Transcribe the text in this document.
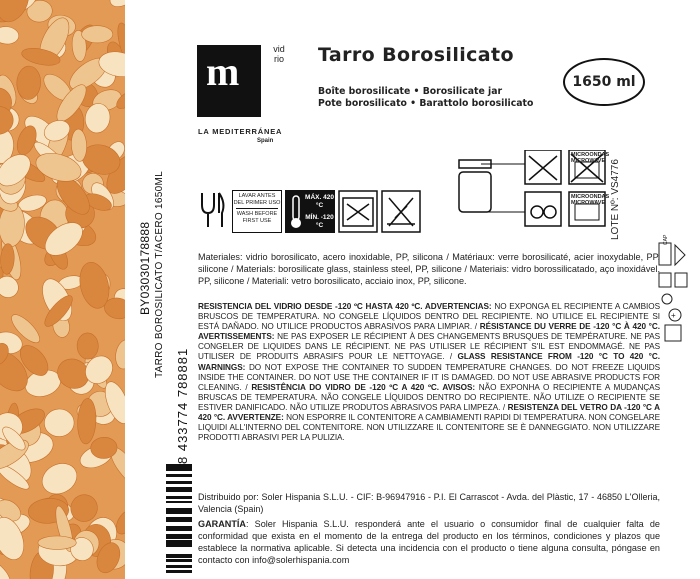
BY03030178888 TARRO BOROSILICATO T/ACERO 1650ML
8 433774 788881
m	vidrio
LA MEDITERRÁNEA
Spain
Tarro Borosilicato
Boîte borosilicate • Borosilicate jar
Pote borosilicato • Barattolo borosilicato
1650 ml
LAVAR ANTES DEL PRIMER USO
WASH BEFORE FIRST USE
MÁX. 420 °C
MÍN. -120 °C
MICROONDAS MICROWAVE
MICROONDAS MICROWAVE LOTE Nº: VS4776	CAP
+
Materiales: vidrio borosilicato, acero inoxidable, PP, silicona / Matériaux: verre borosilicaté, acier inoxydable, PP, silicone / Materials: borosilicate glass, stainless steel, PP, silicone / Materiais: vidro borossilicatado, aço inoxidável, PP, silicone / Materiali: vetro borosilicato, acciaio inox, PP, silicone.
RESISTENCIA DEL VIDRIO DESDE -120 ºC HASTA 420 ºC. ADVERTENCIAS: NO EXPONGA EL RECIPIENTE A CAMBIOS BRUSCOS DE TEMPERATURA. NO CONGELE LÍQUIDOS DENTRO DEL RECIPIENTE. NO UTILICE EL RECIPIENTE SI ESTÁ DAÑADO. NO UTILICE PRODUCTOS ABRASIVOS PARA LIMPIAR. / RÉSISTANCE DU VERRE DE -120 °C À 420 °C. AVERTISSEMENTS: NE PAS EXPOSER LE RÉCIPIENT À DES CHANGEMENTS BRUSQUES DE TEMPÉRATURE. NE PAS CONGELER DE LIQUIDES DANS LE RÉCIPIENT. NE PAS UTILISER LE RÉCIPIENT S'IL EST ENDOMMAGÉ. NE PAS UTILISER DE PRODUITS ABRASIFS POUR LE NETTOYAGE. / GLASS RESISTANCE FROM -120 °C TO 420 °C. WARNINGS: DO NOT EXPOSE THE CONTAINER TO SUDDEN TEMPERATURE CHANGES. DO NOT FREEZE LIQUIDS INSIDE THE CONTAINER. DO NOT USE THE CONTAINER IF IT IS DAMAGED. DO NOT USE ABRASIVE PRODUCTS FOR CLEANING. / RESISTÊNCIA DO VIDRO DE -120 ºC A 420 ºC. AVISOS: NÃO EXPONHA O RECIPIENTE A MUDANÇAS BRUSCAS DE TEMPERATURA. NÃO CONGELE LÍQUIDOS DENTRO DO RECIPIENTE. NÃO UTILIZE O RECIPIENTE SE ESTIVER DANIFICADO. NÃO UTILIZE PRODUTOS ABRASIVOS PARA LIMPEZA. / RESISTENZA DEL VETRO DA -120 °C A 420 °C. AVVERTENZE: NON ESPORRE IL CONTENITORE A CAMBIAMENTI RAPIDI DI TEMPERATURA. NON CONGELARE LIQUIDI ALL'INTERNO DEL CONTENITORE. NON UTILIZZARE IL CONTENITORE SE È DANNEGGIATO. NON UTILIZZARE PRODOTTI ABRASIVI PER LA PULIZIA.
Distribuido por: Soler Hispania S.L.U. - CIF: B-96947916 - P.I. El Carrascot - Avda. del Plàstic, 17 - 46850 L'Olleria, Valencia (Spain)
GARANTÍA: Soler Hispania S.L.U. responderá ante el usuario o consumidor final de cualquier falta de conformidad que exista en el momento de la entrega del producto en los términos, condiciones y plazos que establece la normativa aplicable. Si detecta una incidencia con el producto o tiene alguna consulta, póngase en contacto con info@solerhispania.com
